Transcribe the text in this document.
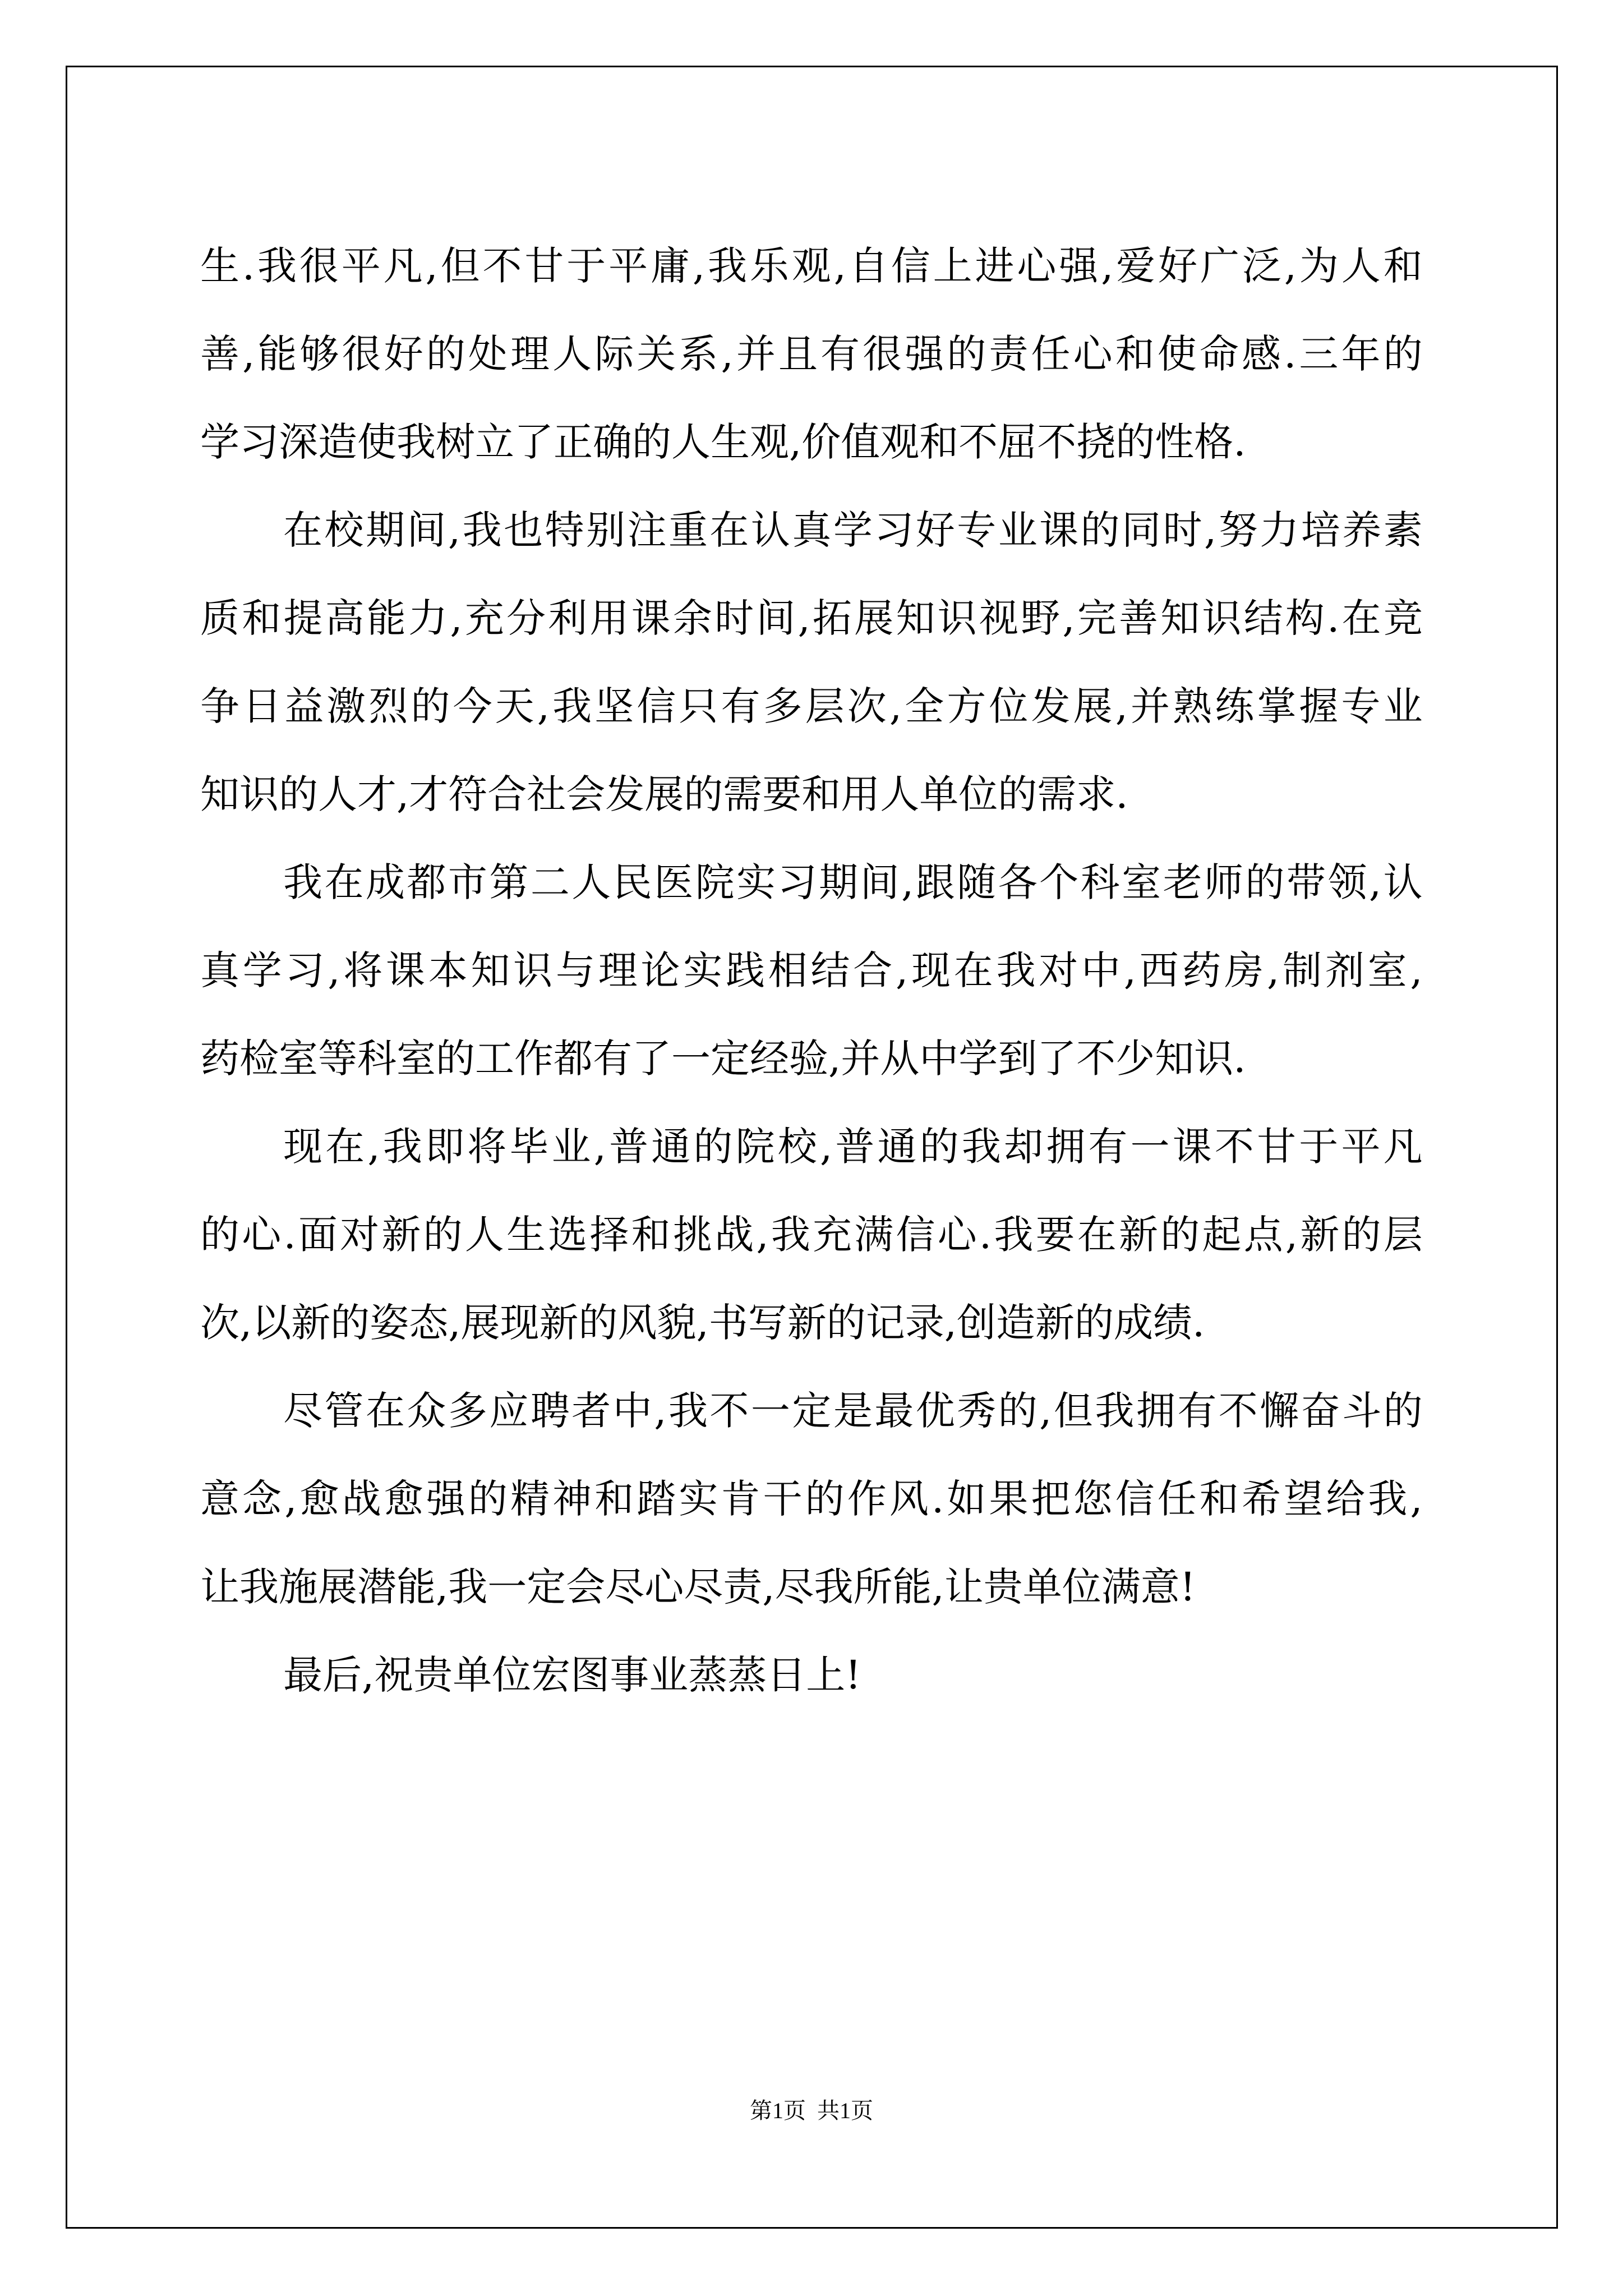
生 . 我 很 平 凡 , 但 不 甘 于 平 庸 , 我 乐 观 , 自 信 上 进 心 强 , 爱 好 广 泛 , 为 人 和
善 , 能 够 很 好 的 处 理 人 际 关 系 , 并 且 有 很 强 的 责 任 心 和 使 命 感 . 三 年 的
学习深造使我树立了正确的人生观,价值观和不屈不挠的性格.
在 校 期 间 , 我 也 特 别 注 重 在 认 真 学 习 好 专 业 课 的 同 时 , 努 力 培 养 素
质 和 提 高 能 力 , 充 分 利 用 课 余 时 间 , 拓 展 知 识 视 野 , 完 善 知 识 结 构 . 在 竞
争 日 益 激 烈 的 今 天 , 我 坚 信 只 有 多 层 次 , 全 方 位 发 展 , 并 熟 练 掌 握 专 业
知识的人才,才符合社会发展的需要和用人单位的需求.
我 在 成 都 市 第 二 人 民 医 院 实 习 期 间 , 跟 随 各 个 科 室 老 师 的 带 领 , 认
真 学 习 , 将 课 本 知 识 与 理 论 实 践 相 结 合 , 现 在 我 对 中 , 西 药 房 , 制 剂 室 ,
药检室等科室的工作都有了一定经验,并从中学到了不少知识.
现 在 , 我 即 将 毕 业 , 普 通 的 院 校 , 普 通 的 我 却 拥 有 一 课 不 甘 于 平 凡
的 心 . 面 对 新 的 人 生 选 择 和 挑 战 , 我 充 满 信 心 . 我 要 在 新 的 起 点 , 新 的 层
次,以新的姿态,展现新的风貌,书写新的记录,创造新的成绩.
尽 管 在 众 多 应 聘 者 中 , 我 不 一 定 是 最 优 秀 的 , 但 我 拥 有 不 懈 奋 斗 的
意 念 , 愈 战 愈 强 的 精 神 和 踏 实 肯 干 的 作 风 . 如 果 把 您 信 任 和 希 望 给 我 ,
让我施展潜能,我一定会尽心尽责,尽我所能,让贵单位满意!
最后,祝贵单位宏图事业蒸蒸日上!
第1页  共1页
